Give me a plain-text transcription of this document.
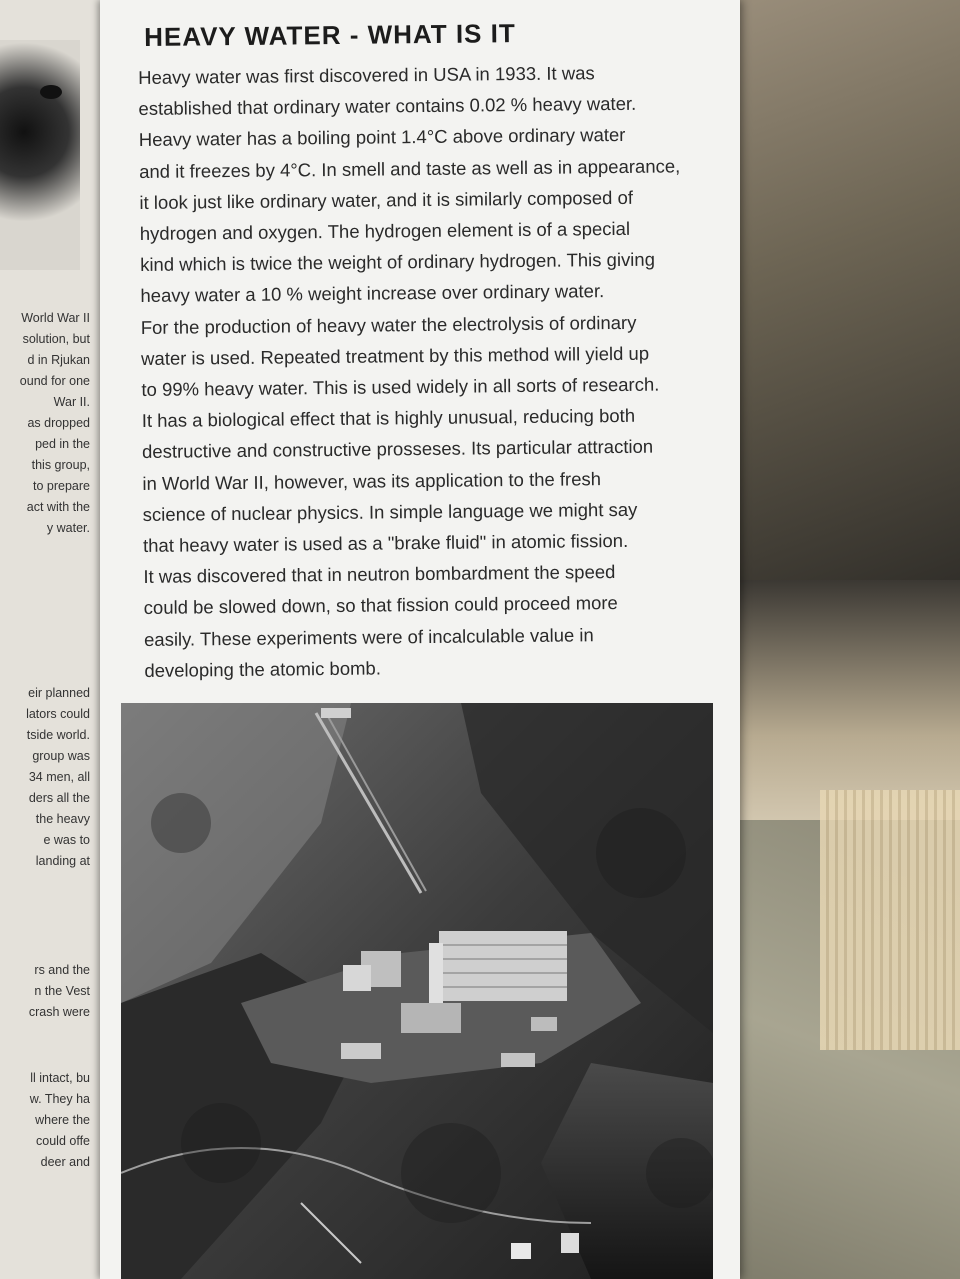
World War II
solution, but
d in Rjukan
ound for one
War II.
as dropped
ped in the
this group,
to prepare
act with the
y water.
eir planned
lators could
tside world.
group was
34 men, all
ders all the
the heavy
e was to
landing at
rs and the
n the Vest
crash were
ll intact, bu
w. They ha
where the
could offe
deer and
HEAVY WATER - WHAT IS IT
Heavy water was first discovered in USA in 1933. It was
established that ordinary water contains 0.02 % heavy water.
Heavy water has a boiling point 1.4°C above ordinary water
and it freezes by 4°C. In smell and taste as well as in appearance,
it look just like ordinary water, and it is similarly composed of
hydrogen and oxygen. The hydrogen element is of a special
kind which is twice the weight of ordinary hydrogen. This giving
heavy water a 10 % weight increase over ordinary water.
For the production of heavy water the electrolysis of ordinary
water is used. Repeated treatment by this method will yield up
to 99% heavy water. This is used widely in all sorts of research.
It has a biological effect that is highly unusual, reducing both
destructive and constructive prosseses. Its particular attraction
in World War II, however, was its application to the fresh
science of nuclear physics. In simple language we might say
that heavy water is used as a "brake fluid" in atomic fission.
It was discovered that in neutron bombardment the speed
could be slowed down, so that fission could proceed more
easily. These experiments were of incalculable value in
developing the atomic bomb.
